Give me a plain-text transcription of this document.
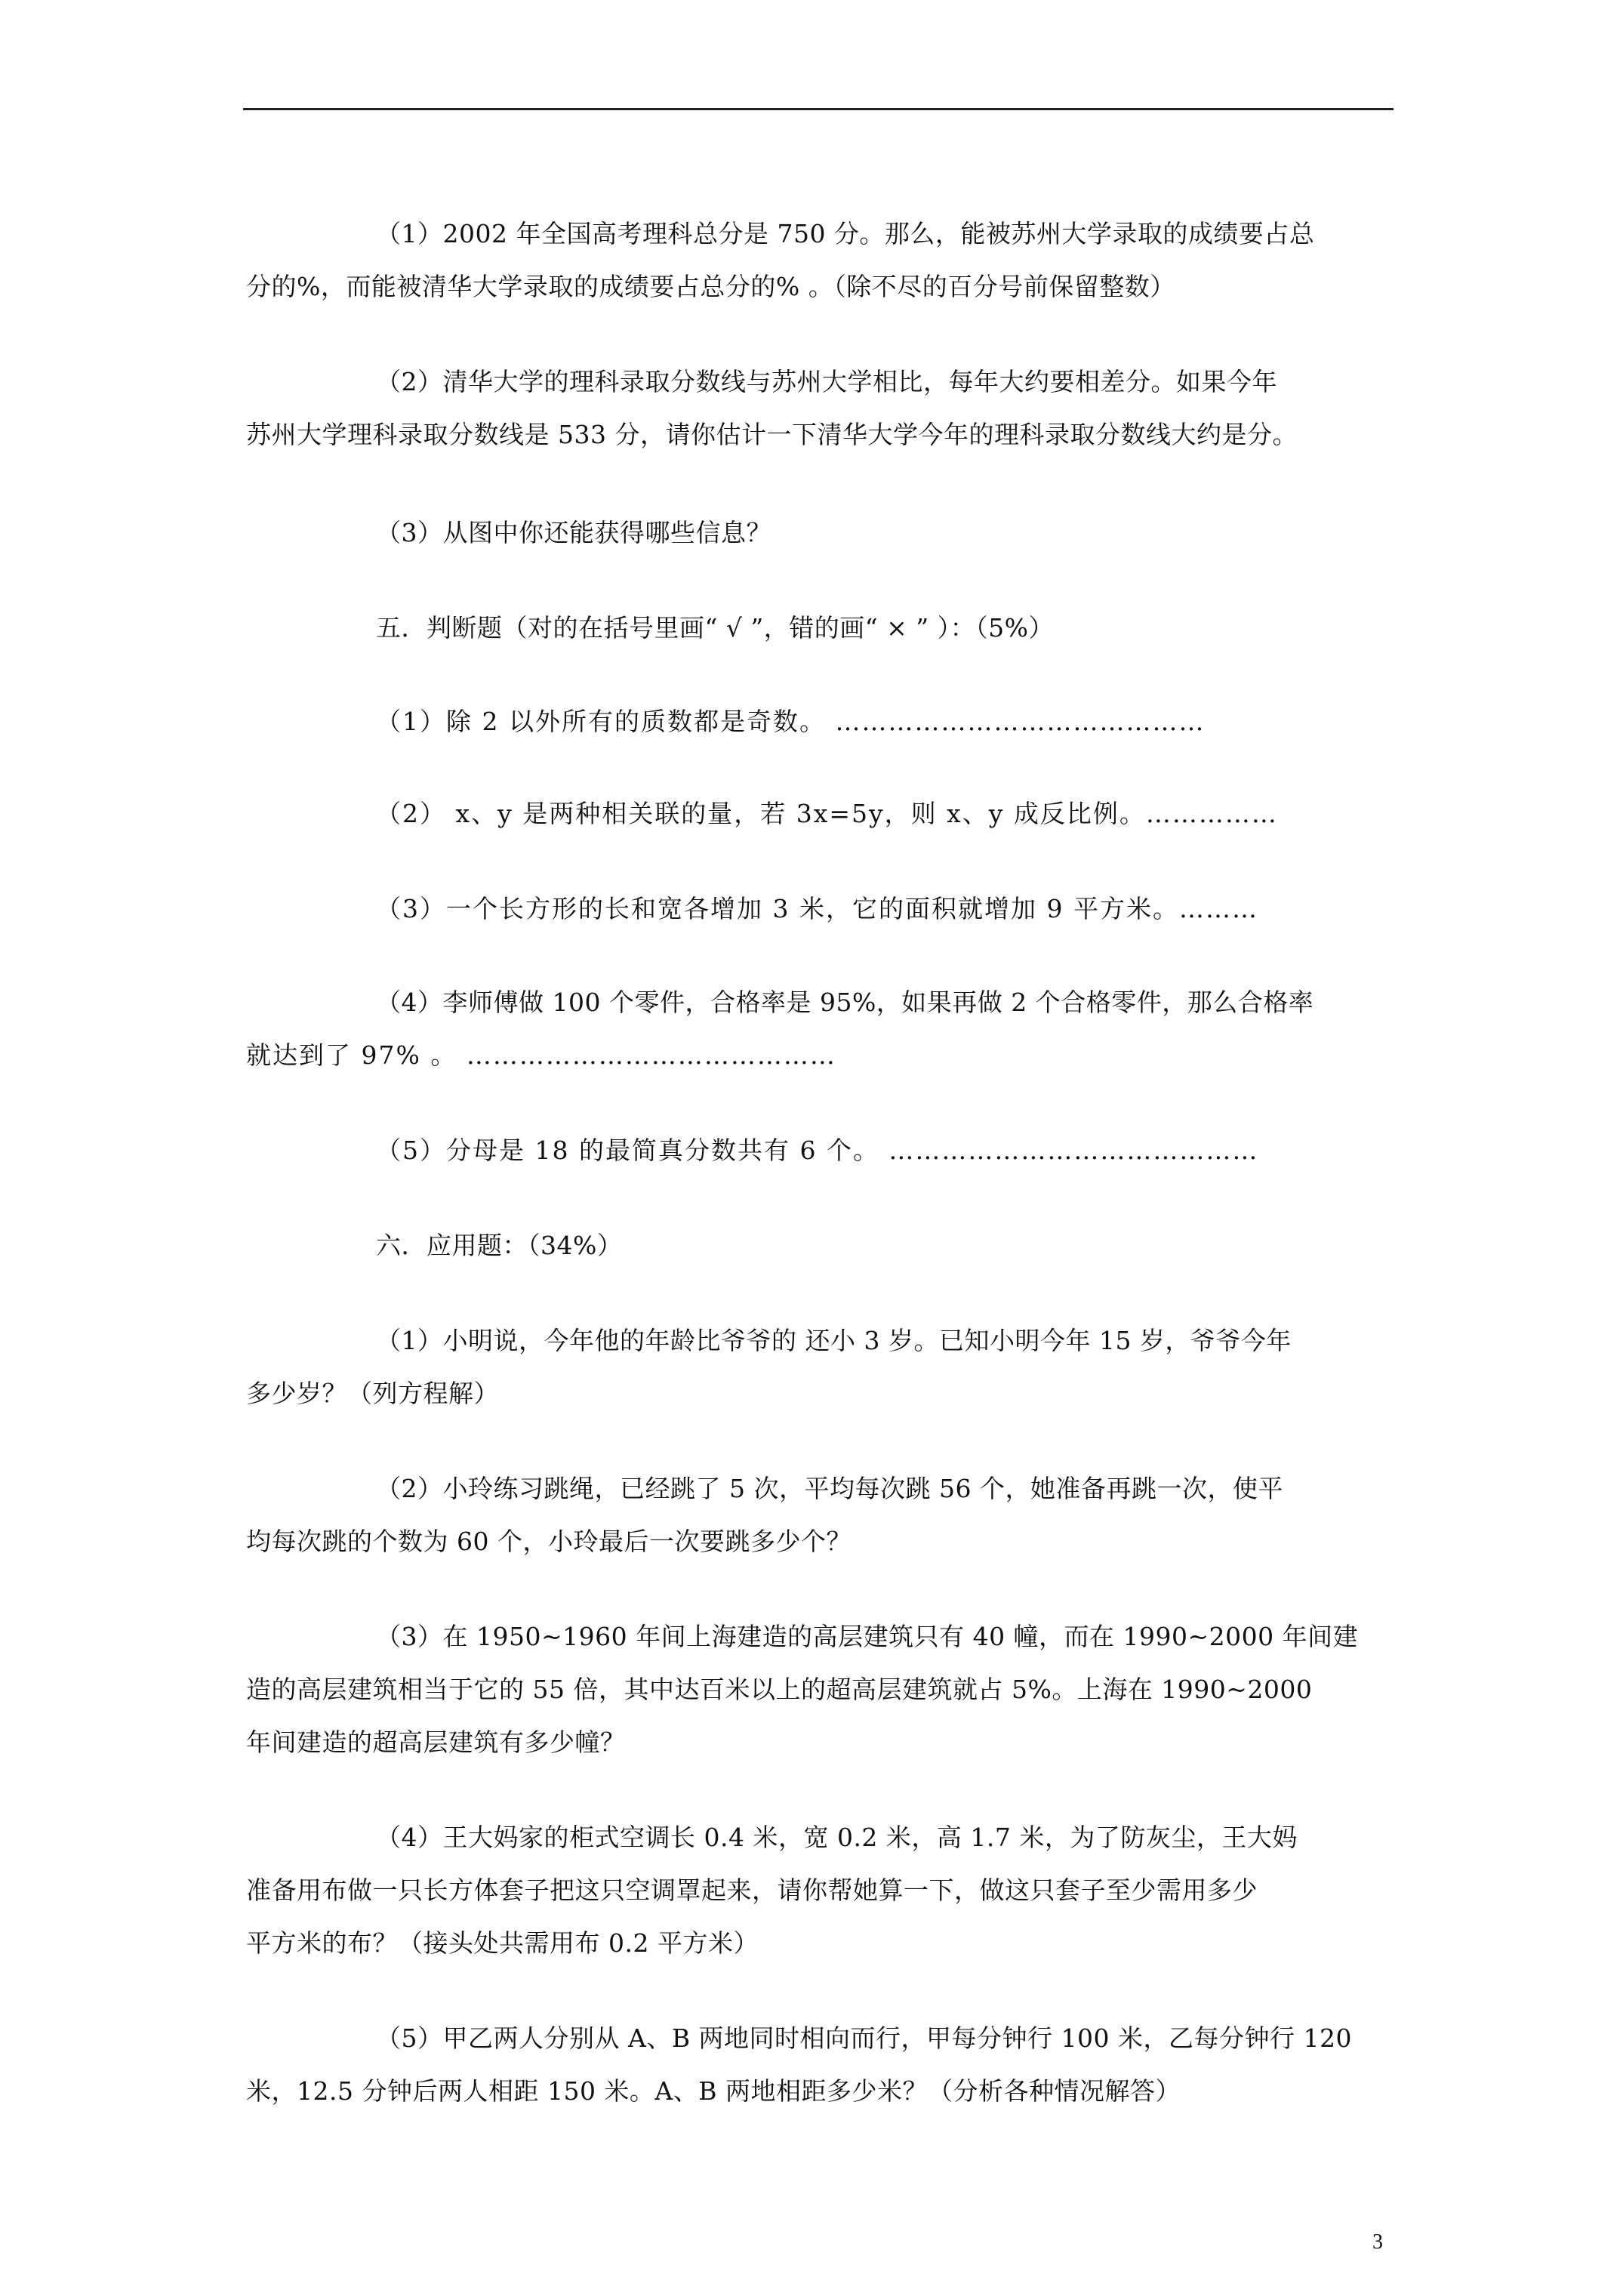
（1）2002 年全国高考理科总分是 750 分。那么，能被苏州大学录取的成绩要占总
分的%，而能被清华大学录取的成绩要占总分的% 。（除不尽的百分号前保留整数）
（2）清华大学的理科录取分数线与苏州大学相比，每年大约要相差分。如果今年
苏州大学理科录取分数线是 533 分，请你估计一下清华大学今年的理科录取分数线大约是分。
（3）从图中你还能获得哪些信息？
五．判断题（对的在括号里画“ √ ”，错的画“ × ” ）：（5%）
（1）除 2 以外所有的质数都是奇数。 ……………………………………
（2） x、y 是两种相关联的量，若 3x=5y，则 x、y 成反比例。……………
（3）一个长方形的长和宽各增加 3 米，它的面积就增加 9 平方米。………
（4）李师傅做 100 个零件，合格率是 95%，如果再做 2 个合格零件，那么合格率
就达到了 97% 。 ……………………………………
（5）分母是 18 的最简真分数共有 6 个。 ……………………………………
六．应用题：（34%）
（1）小明说，今年他的年龄比爷爷的 还小 3 岁。已知小明今年 15 岁，爷爷今年
多少岁？（列方程解）
（2）小玲练习跳绳，已经跳了 5 次，平均每次跳 56 个，她准备再跳一次，使平
均每次跳的个数为 60 个，小玲最后一次要跳多少个？
（3）在 1950~1960 年间上海建造的高层建筑只有 40 幢，而在 1990~2000 年间建
造的高层建筑相当于它的 55 倍，其中达百米以上的超高层建筑就占 5%。上海在 1990~2000
年间建造的超高层建筑有多少幢？
（4）王大妈家的柜式空调长 0.4 米，宽 0.2 米，高 1.7 米，为了防灰尘，王大妈
准备用布做一只长方体套子把这只空调罩起来，请你帮她算一下，做这只套子至少需用多少
平方米的布？（接头处共需用布 0.2 平方米）
（5）甲乙两人分别从 A、B 两地同时相向而行，甲每分钟行 100 米，乙每分钟行 120
米，12.5 分钟后两人相距 150 米。A、B 两地相距多少米？（分析各种情况解答）
3
